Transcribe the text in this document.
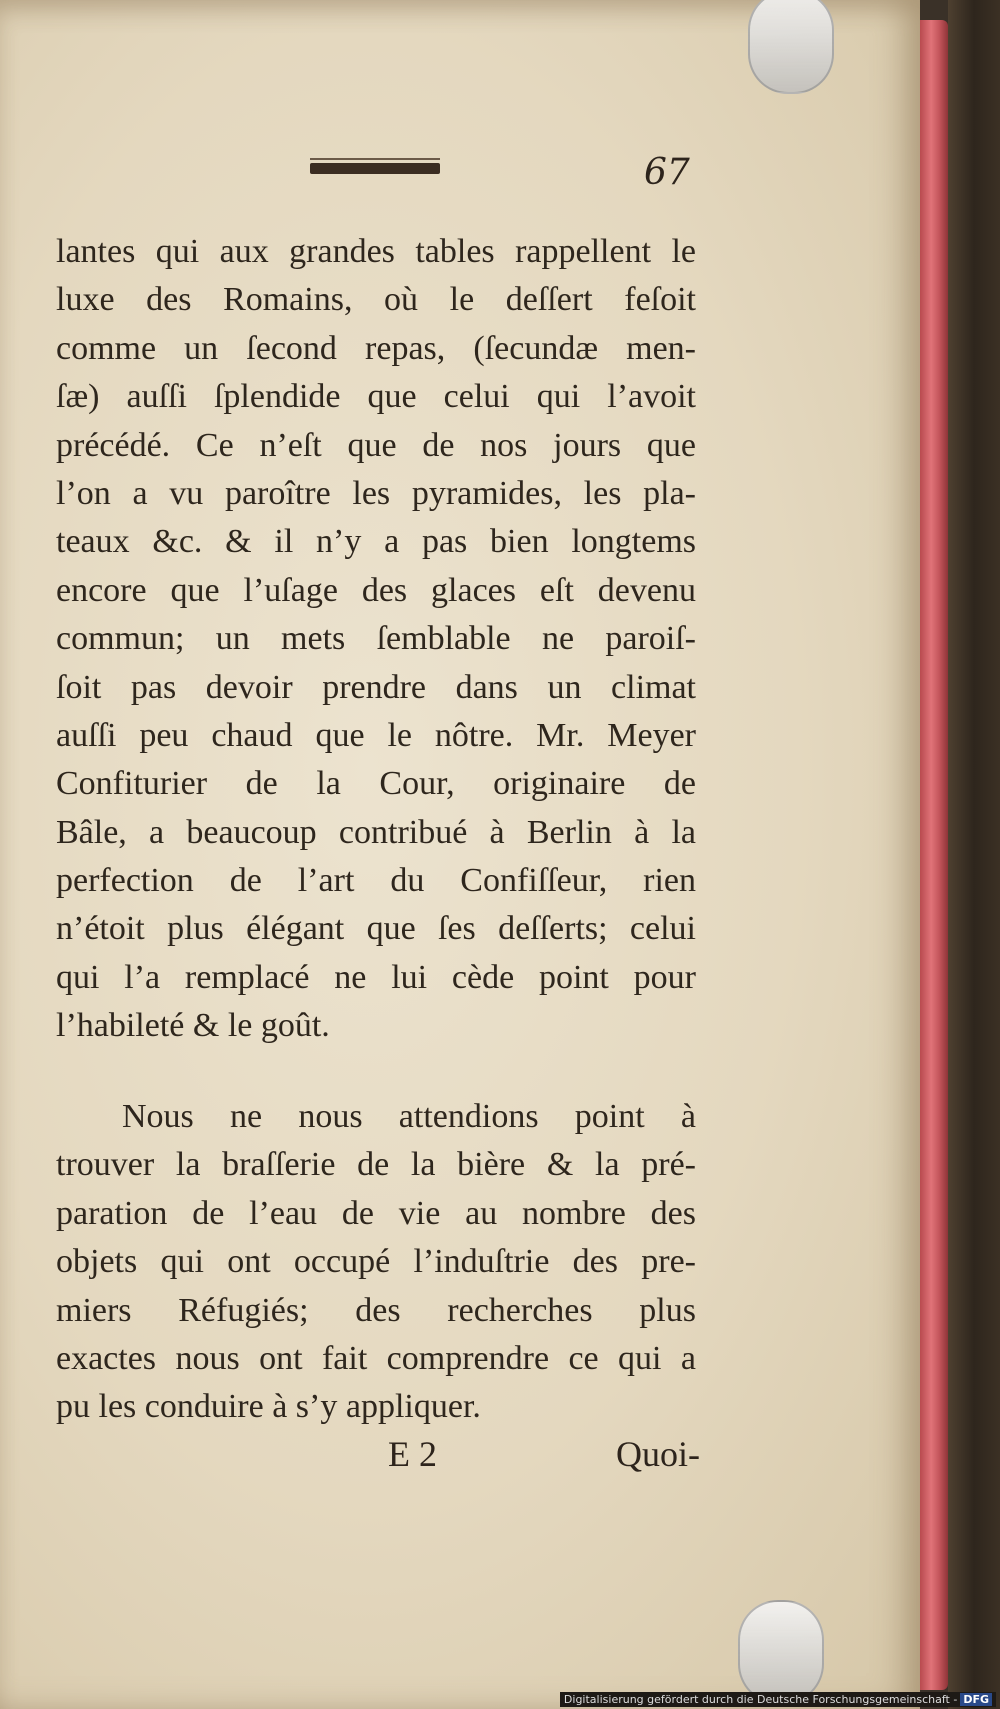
67
lantes qui aux grandes tables rappellent le
luxe des Romains, où le deſſert feſoit
comme un ſecond repas, (ſecundæ men-
ſæ) auſſi ſplendide que celui qui l’avoit
précédé. Ce n’eſt que de nos jours que
l’on a vu paroître les pyramides, les pla-
teaux &c. & il n’y a pas bien longtems
encore que l’uſage des glaces eſt devenu
commun; un mets ſemblable ne paroiſ-
ſoit pas devoir prendre dans un climat
auſſi peu chaud que le nôtre. Mr. Meyer
Confiturier de la Cour, originaire de
Bâle, a beaucoup contribué à Berlin à la
perfection de l’art du Confiſſeur, rien
n’étoit plus élégant que ſes deſſerts; celui
qui l’a remplacé ne lui cède point pour
l’habileté & le goût.
Nous ne nous attendions point à
trouver la braſſerie de la bière & la pré-
paration de l’eau de vie au nombre des
objets qui ont occupé l’induſtrie des pre-
miers Réfugiés; des recherches plus
exactes nous ont fait comprendre ce qui a
pu les conduire à s’y appliquer.
E 2	Quoi-
Digitalisierung gefördert durch die Deutsche Forschungsgemeinschaft - DFG
